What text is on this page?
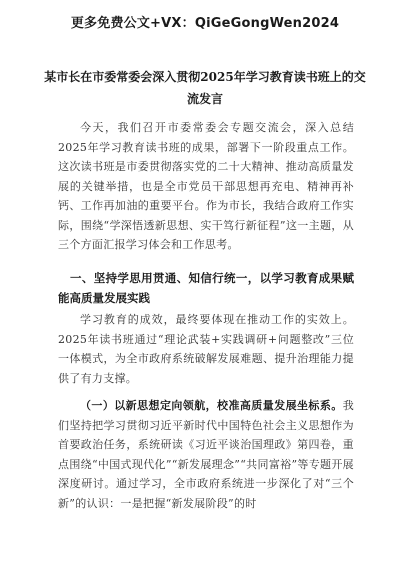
更多免费公文+VX：QiGeGongWen2024
某市长在市委常委会深入贯彻2025年学习教育读书班上的交流发言

今天，我们召开市委常委会专题交流会，深入总结2025年学习教育读书班的成果，部署下一阶段重点工作。这次读书班是市委贯彻落实党的二十大精神、推动高质量发展的关键举措，也是全市党员干部思想再充电、精神再补钙、工作再加油的重要平台。作为市长，我结合政府工作实际，围绕“学深悟透新思想、实干笃行新征程”这一主题，从三个方面汇报学习体会和工作思考。

一、坚持学思用贯通、知信行统一，以学习教育成果赋能高质量发展实践

学习教育的成效，最终要体现在推动工作的实效上。2025年读书班通过“理论武装+实践调研+问题整改”三位一体模式，为全市政府系统破解发展难题、提升治理能力提供了有力支撑。

（一）以新思想定向领航，校准高质量发展坐标系。我们坚持把学习贯彻习近平新时代中国特色社会主义思想作为首要政治任务，系统研读《习近平谈治国理政》第四卷，重点围绕“中国式现代化”“新发展理念”“共同富裕”等专题开展深度研讨。通过学习，全市政府系统进一步深化了对“三个新”的认识：一是把握“新发展阶段”的时
